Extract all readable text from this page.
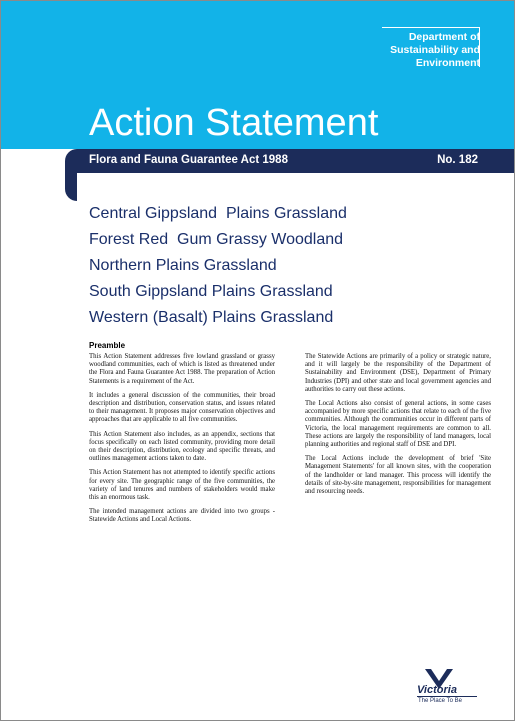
Department of
Sustainability and
Environment
Action Statement
Flora and Fauna Guarantee Act 1988	No. 182
Central Gippsland  Plains Grassland
Forest Red  Gum Grassy Woodland
Northern Plains Grassland
South Gippsland Plains Grassland
Western (Basalt) Plains Grassland
Preamble

This Action Statement addresses five lowland grassland or grassy woodland communities, each of which is listed as threatened under the Flora and Fauna Guarantee Act 1988. The preparation of Action Statements is a requirement of the Act.

It includes a general discussion of the communities, their broad description and distribution, conservation status, and issues related to their management. It proposes major conservation objectives and approaches that are applicable to all five communities.

This Action Statement also includes, as an appendix, sections that focus specifically on each listed community, providing more detail on their description, distribution, ecology and specific threats, and outlines management actions taken to date.

This Action Statement has not attempted to identify specific actions for every site. The geographic range of the five communities, the variety of land tenures and numbers of stakeholders would make this an enormous task.

The intended management actions are divided into two groups - Statewide Actions and Local Actions.

The Statewide Actions are primarily of a policy or strategic nature, and it will largely be the responsibility of the Department of Sustainability and Environment (DSE), Department of Primary Industries (DPI) and other state and local government agencies and authorities to carry out these actions.

The Local Actions also consist of general actions, in some cases accompanied by more specific actions that relate to each of the five communities. Although the communities occur in different parts of Victoria, the local management requirements are common to all. These actions are largely the responsibility of land managers, local planning authorities and regional staff of DSE and DPI.

The Local Actions include the development of brief 'Site Management Statements' for all known sites, with the cooperation of the landholder or land manager. This process will identify the details of site-by-site management, responsibilities for management and resourcing needs.

Victoria
The Place To Be
